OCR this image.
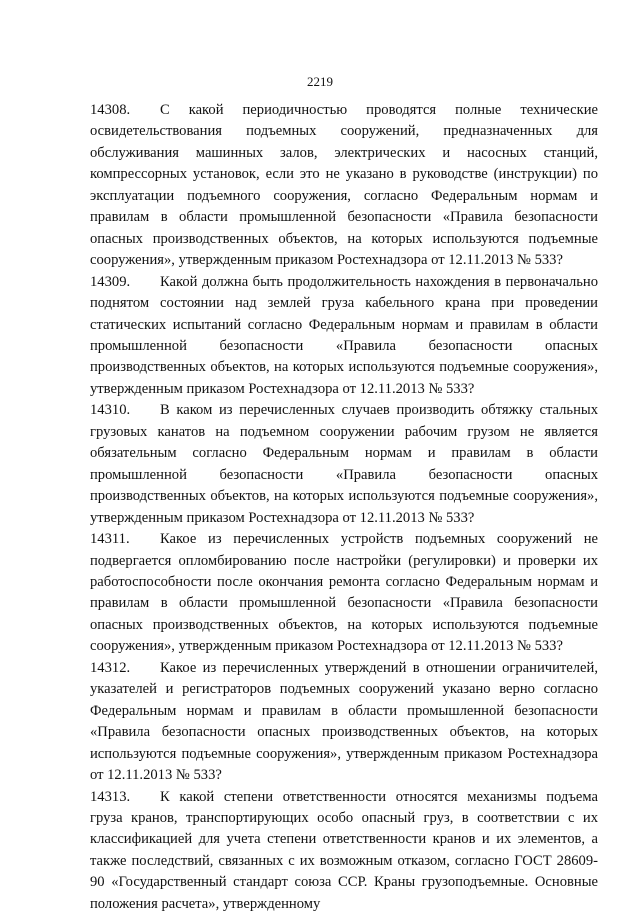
2219

14308. С какой периодичностью проводятся полные технические освидетельствования подъемных сооружений, предназначенных для обслуживания машинных залов, электрических и насосных станций, компрессорных установок, если это не указано в руководстве (инструкции) по эксплуатации подъемного сооружения, согласно Федеральным нормам и правилам в области промышленной безопасности «Правила безопасности опасных производственных объектов, на которых используются подъемные сооружения», утвержденным приказом Ростехнадзора от 12.11.2013 № 533?

14309. Какой должна быть продолжительность нахождения в первоначально поднятом состоянии над землей груза кабельного крана при проведении статических испытаний согласно Федеральным нормам и правилам в области промышленной безопасности «Правила безопасности опасных производственных объектов, на которых используются подъемные сооружения», утвержденным приказом Ростехнадзора от 12.11.2013 № 533?

14310. В каком из перечисленных случаев производить обтяжку стальных грузовых канатов на подъемном сооружении рабочим грузом не является обязательным согласно Федеральным нормам и правилам в области промышленной безопасности «Правила безопасности опасных производственных объектов, на которых используются подъемные сооружения», утвержденным приказом Ростехнадзора от 12.11.2013 № 533?

14311. Какое из перечисленных устройств подъемных сооружений не подвергается опломбированию после настройки (регулировки) и проверки их работоспособности после окончания ремонта согласно Федеральным нормам и правилам в области промышленной безопасности «Правила безопасности опасных производственных объектов, на которых используются подъемные сооружения», утвержденным приказом Ростехнадзора от 12.11.2013 № 533?

14312. Какое из перечисленных утверждений в отношении ограничителей, указателей и регистраторов подъемных сооружений указано верно согласно Федеральным нормам и правилам в области промышленной безопасности «Правила безопасности опасных производственных объектов, на которых используются подъемные сооружения», утвержденным приказом Ростехнадзора от 12.11.2013 № 533?

14313. К какой степени ответственности относятся механизмы подъема груза кранов, транспортирующих особо опасный груз, в соответствии с их классификацией для учета степени ответственности кранов и их элементов, а также последствий, связанных с их возможным отказом, согласно ГОСТ 28609-90 «Государственный стандарт союза ССР. Краны грузоподъемные. Основные положения расчета», утвержденному
